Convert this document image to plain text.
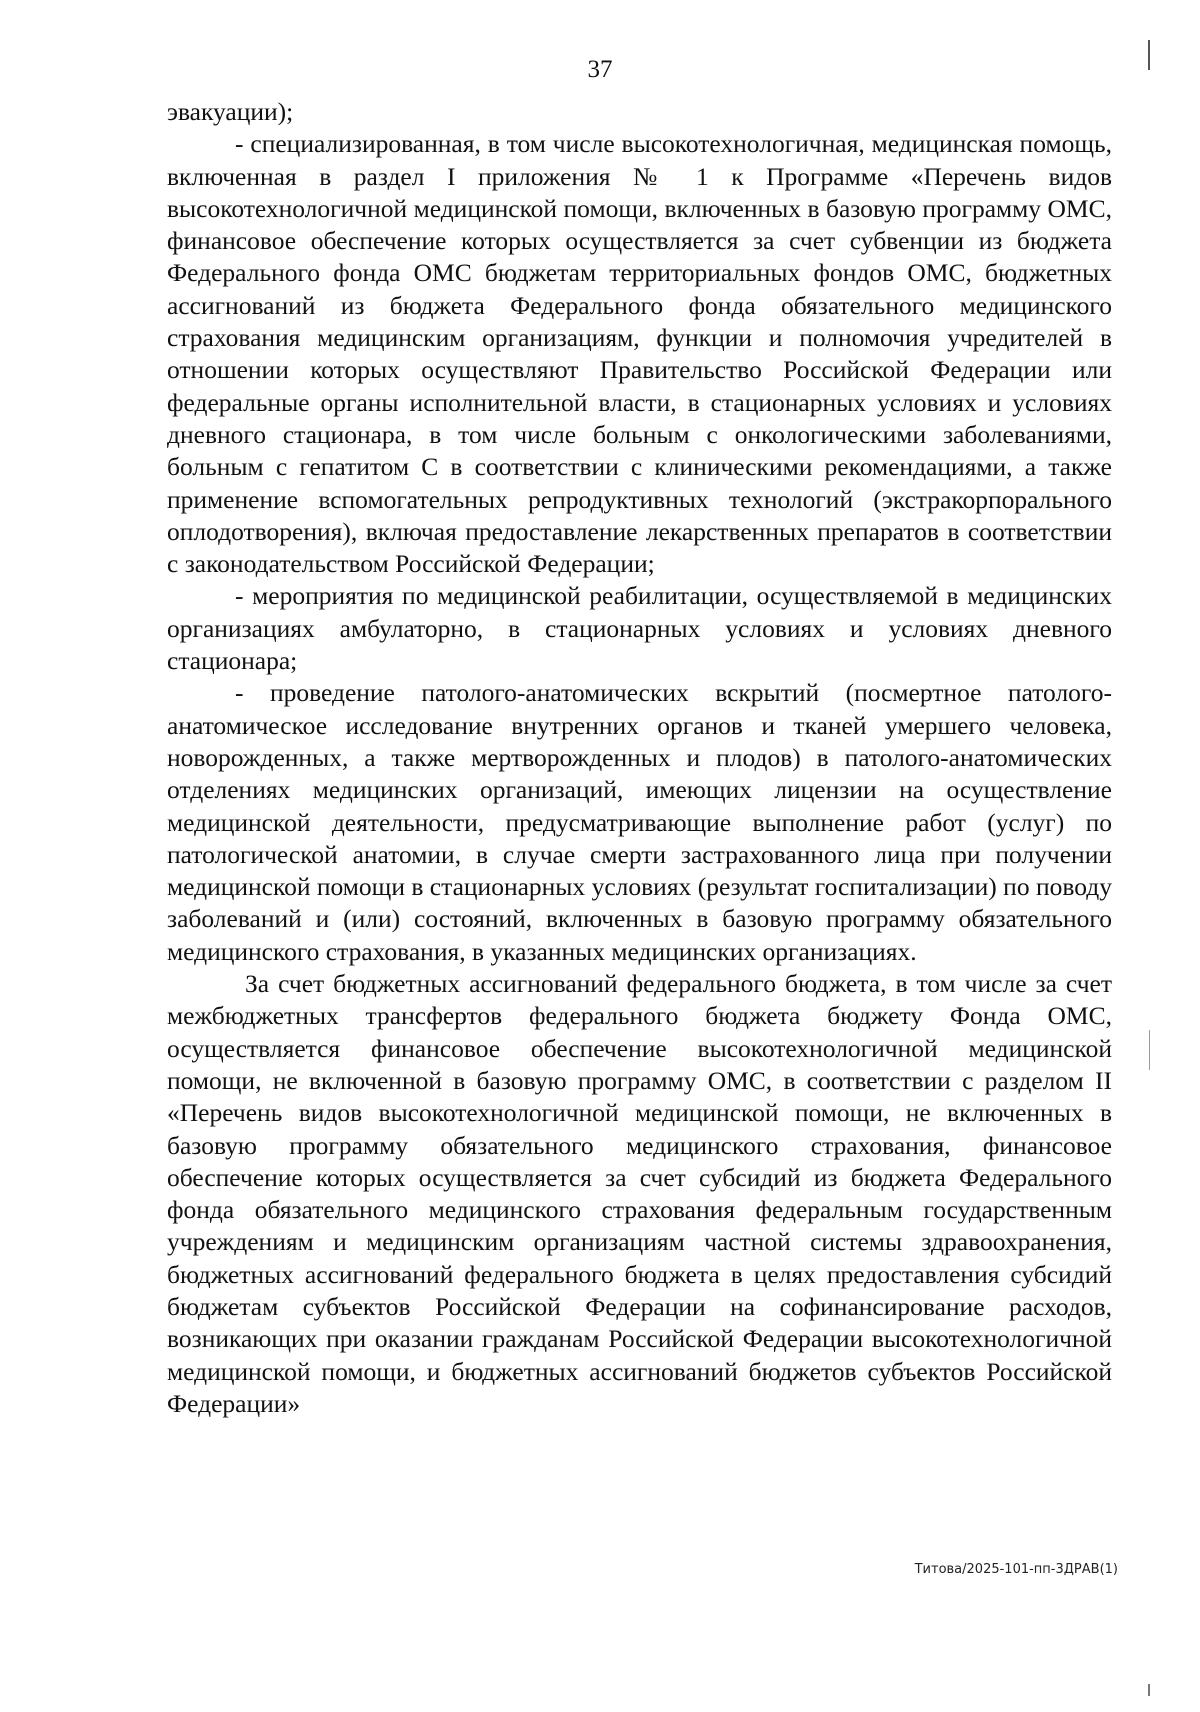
37

эвакуации);

- специализированная, в том числе высокотехнологичная, медицинская помощь, включенная в раздел I приложения № 1 к Программе «Перечень видов высокотехнологичной медицинской помощи, включенных в базовую программу ОМС, финансовое обеспечение которых осуществляется за счет субвенции из бюджета Федерального фонда ОМС бюджетам территориальных фондов ОМС, бюджетных ассигнований из бюджета Федерального фонда обязательного медицинского страхования медицинским организациям, функции и полномочия учредителей в отношении которых осуществляют Правительство Российской Федерации или федеральные органы исполнительной власти, в стационарных условиях и условиях дневного стационара, в том числе больным с онкологическими заболеваниями, больным с гепатитом С в соответствии с клиническими рекомендациями, а также применение вспомогательных репродуктивных технологий (экстракорпорального оплодотворения), включая предоставление лекарственных препаратов в соответствии с законодательством Российской Федерации;

- мероприятия по медицинской реабилитации, осуществляемой в медицинских организациях амбулаторно, в стационарных условиях и условиях дневного стационара;

- проведение патолого-анатомических вскрытий (посмертное патолого-анатомическое исследование внутренних органов и тканей умершего человека, новорожденных, а также мертворожденных и плодов) в патолого-анатомических отделениях медицинских организаций, имеющих лицензии на осуществление медицинской деятельности, предусматривающие выполнение работ (услуг) по патологической анатомии, в случае смерти застрахованного лица при получении медицинской помощи в стационарных условиях (результат госпитализации) по поводу заболеваний и (или) состояний, включенных в базовую программу обязательного медицинского страхования, в указанных медицинских организациях.

За счет бюджетных ассигнований федерального бюджета, в том числе за счет межбюджетных трансфертов федерального бюджета бюджету Фонда ОМС, осуществляется финансовое обеспечение высокотехнологичной медицинской помощи, не включенной в базовую программу ОМС, в соответствии с разделом II «Перечень видов высокотехнологичной медицинской помощи, не включенных в базовую программу обязательного медицинского страхования, финансовое обеспечение которых осуществляется за счет субсидий из бюджета Федерального фонда обязательного медицинского страхования федеральным государственным учреждениям и медицинским организациям частной системы здравоохранения, бюджетных ассигнований федерального бюджета в целях предоставления субсидий бюджетам субъектов Российской Федерации на софинансирование расходов, возникающих при оказании гражданам Российской Федерации высокотехнологичной медицинской помощи, и бюджетных ассигнований бюджетов субъектов Российской Федерации»

Титова/2025-101-пп-3ДРАВ(1)
